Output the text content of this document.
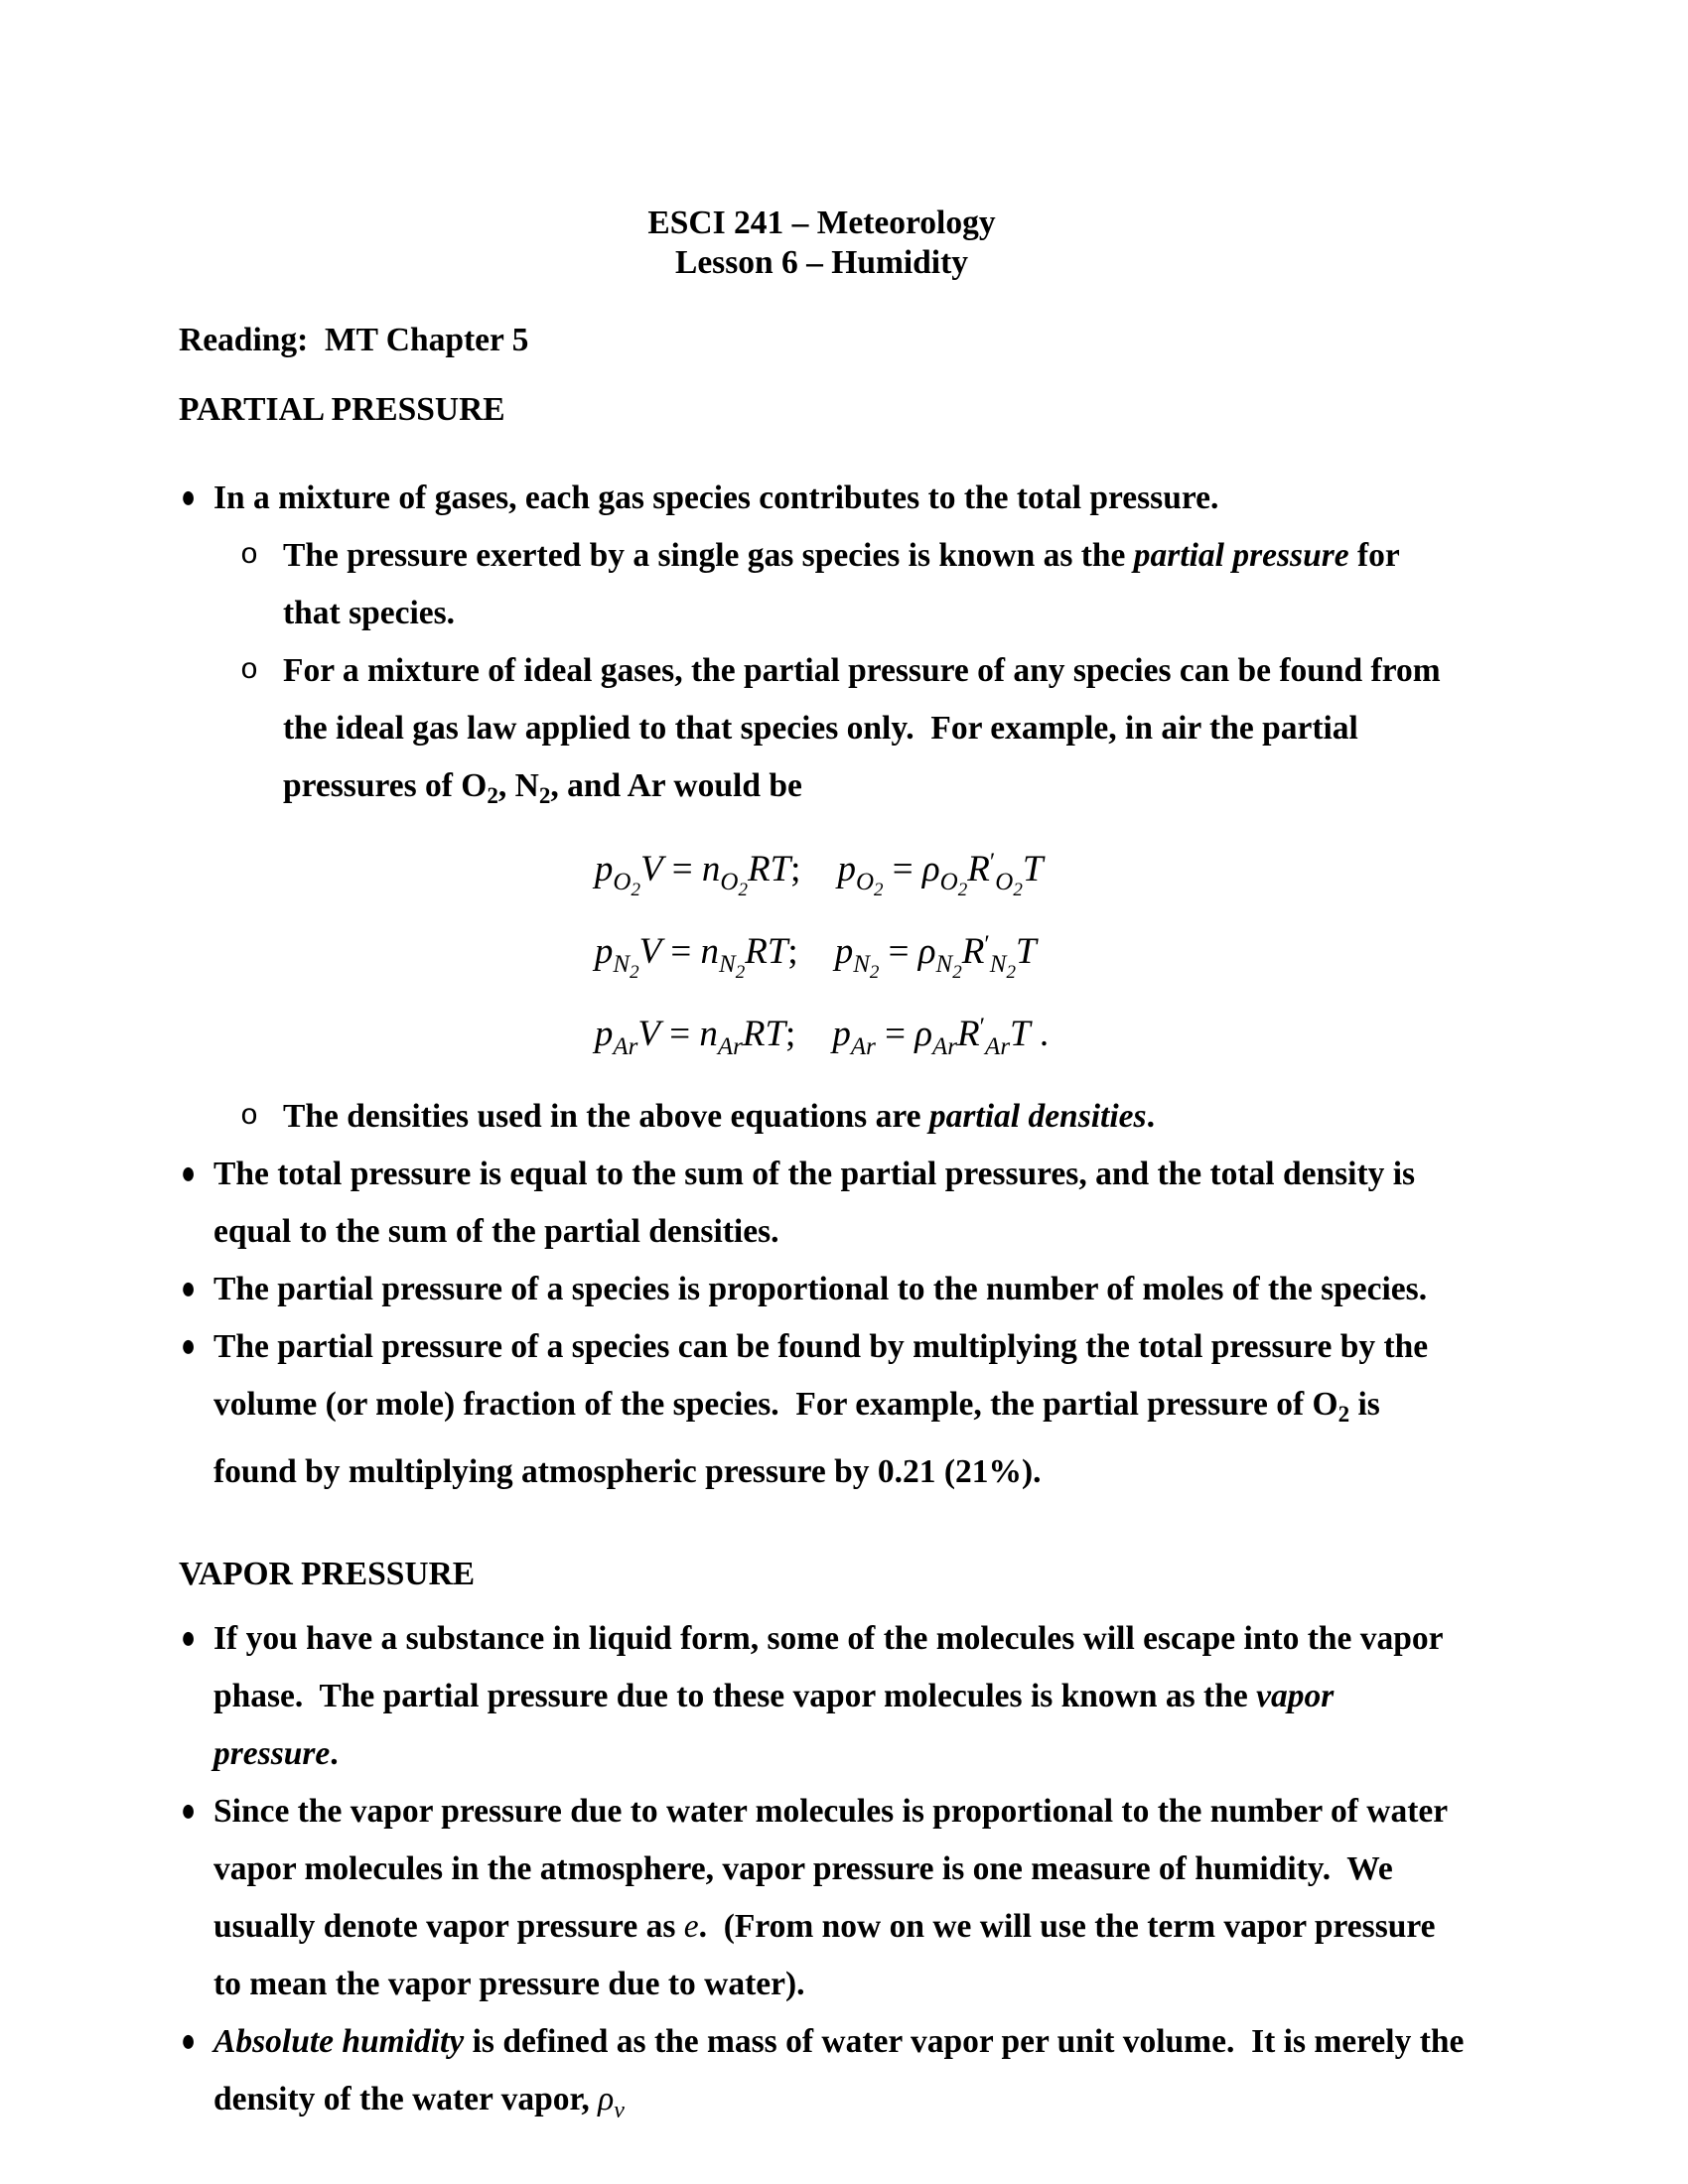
ESCI 241 – Meteorology
Lesson 6 – Humidity
Reading:  MT Chapter 5
PARTIAL PRESSURE
● In a mixture of gases, each gas species contributes to the total pressure.
o The pressure exerted by a single gas species is known as the partial pressure for that species.
o For a mixture of ideal gases, the partial pressure of any species can be found from the ideal gas law applied to that species only.  For example, in air the partial pressures of $O_2$, $N_2$, and Ar would be
$p_{O2}V = n_{O2}RT$; $p_{O2} = \rho_{O2}R'_{O2}T$
$p_{N2}V = n_{N2}RT$; $p_{N2} = \rho_{N2}R'_{N2}T$
$p_{Ar}V = n_{Ar}RT$; $p_{Ar} = \rho_{Ar}R'_{Ar}T$ .
o The densities used in the above equations are partial densities.
● The total pressure is equal to the sum of the partial pressures, and the total density is equal to the sum of the partial densities.
● The partial pressure of a species is proportional to the number of moles of the species.
● The partial pressure of a species can be found by multiplying the total pressure by the volume (or mole) fraction of the species.  For example, the partial pressure of $O_2$ is found by multiplying atmospheric pressure by 0.21 (21%).
VAPOR PRESSURE
● If you have a substance in liquid form, some of the molecules will escape into the vapor phase.  The partial pressure due to these vapor molecules is known as the vapor pressure.
● Since the vapor pressure due to water molecules is proportional to the number of water vapor molecules in the atmosphere, vapor pressure is one measure of humidity.  We usually denote vapor pressure as e.  (From now on we will use the term vapor pressure to mean the vapor pressure due to water).
● Absolute humidity is defined as the mass of water vapor per unit volume.  It is merely the density of the water vapor, $\rho_v$
